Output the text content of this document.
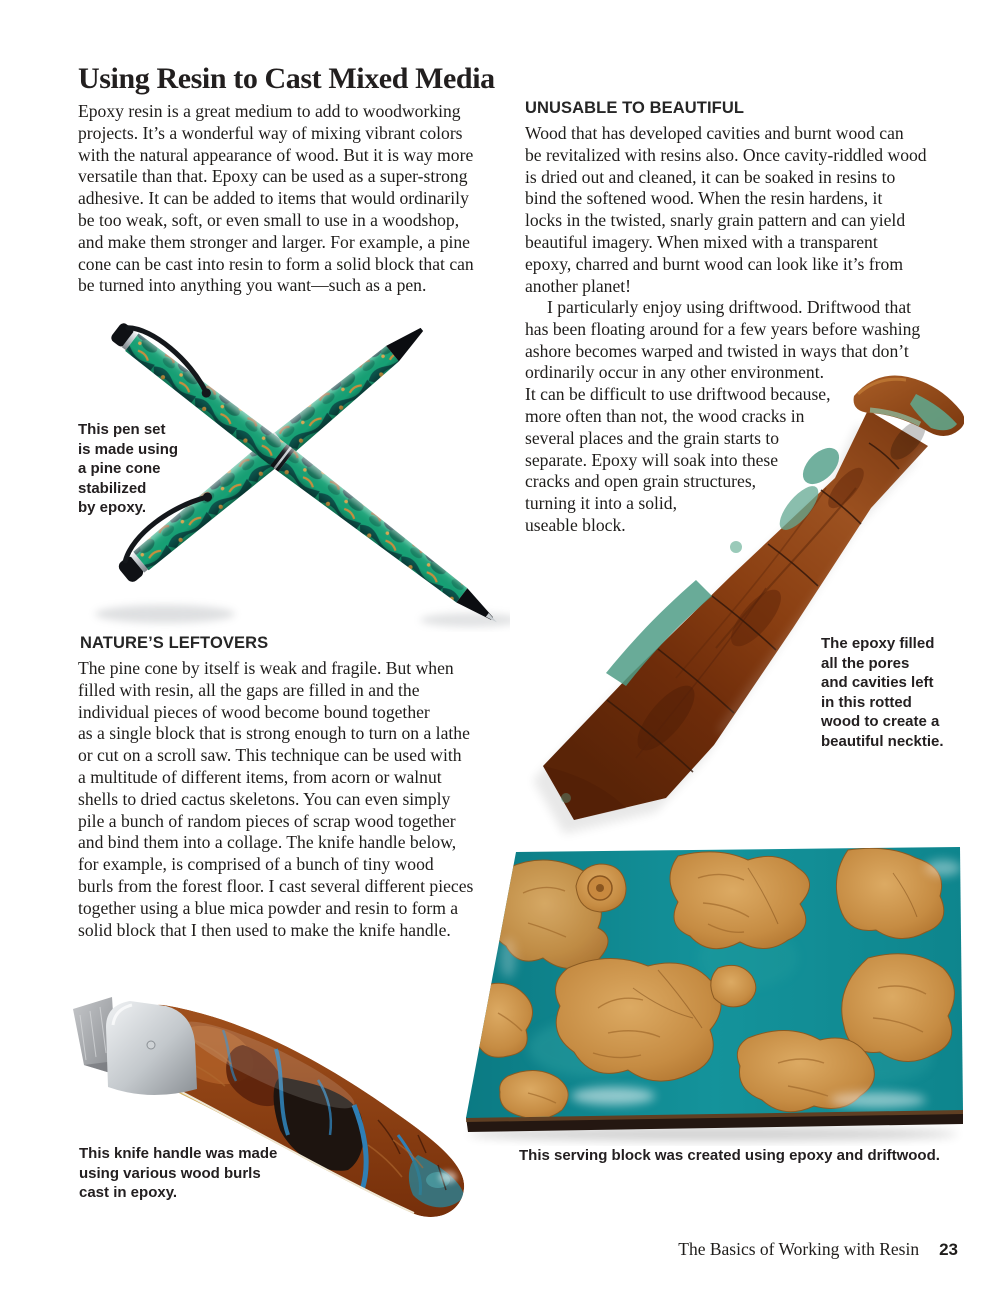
Using Resin to Cast Mixed Media
Epoxy resin is a great medium to add to woodworking
projects. It’s a wonderful way of mixing vibrant colors
with the natural appearance of wood. But it is way more
versatile than that. Epoxy can be used as a super-strong
adhesive. It can be added to items that would ordinarily
be too weak, soft, or even small to use in a woodshop,
and make them stronger and larger. For example, a pine
cone can be cast into resin to form a solid block that can
be turned into anything you want—such as a pen.
This pen set
is made using
a pine cone
stabilized
by epoxy.
NATURE’S LEFTOVERS
The pine cone by itself is weak and fragile. But when
filled with resin, all the gaps are filled in and the
individual pieces of wood become bound together
as a single block that is strong enough to turn on a lathe
or cut on a scroll saw. This technique can be used with
a multitude of different items, from acorn or walnut
shells to dried cactus skeletons. You can even simply
pile a bunch of random pieces of scrap wood together
and bind them into a collage. The knife handle below,
for example, is comprised of a bunch of tiny wood
burls from the forest floor. I cast several different pieces
together using a blue mica powder and resin to form a
solid block that I then used to make the knife handle.
UNUSABLE TO BEAUTIFUL
Wood that has developed cavities and burnt wood can
be revitalized with resins also. Once cavity-riddled wood
is dried out and cleaned, it can be soaked in resins to
bind the softened wood. When the resin hardens, it
locks in the twisted, snarly grain pattern and can yield
beautiful imagery. When mixed with a transparent
epoxy, charred and burnt wood can look like it’s from
another planet!
I particularly enjoy using driftwood. Driftwood that
has been floating around for a few years before washing
ashore becomes warped and twisted in ways that don’t
ordinarily occur in any other environment.
It can be difficult to use driftwood because,
more often than not, the wood cracks in
several places and the grain starts to
separate. Epoxy will soak into these
cracks and open grain structures,
turning it into a solid,
useable block.
The epoxy filled
all the pores
and cavities left
in this rotted
wood to create a
beautiful necktie.
This serving block was created using epoxy and driftwood.
This knife handle was made
using various wood burls
cast in epoxy.
The Basics of Working with Resin 23
